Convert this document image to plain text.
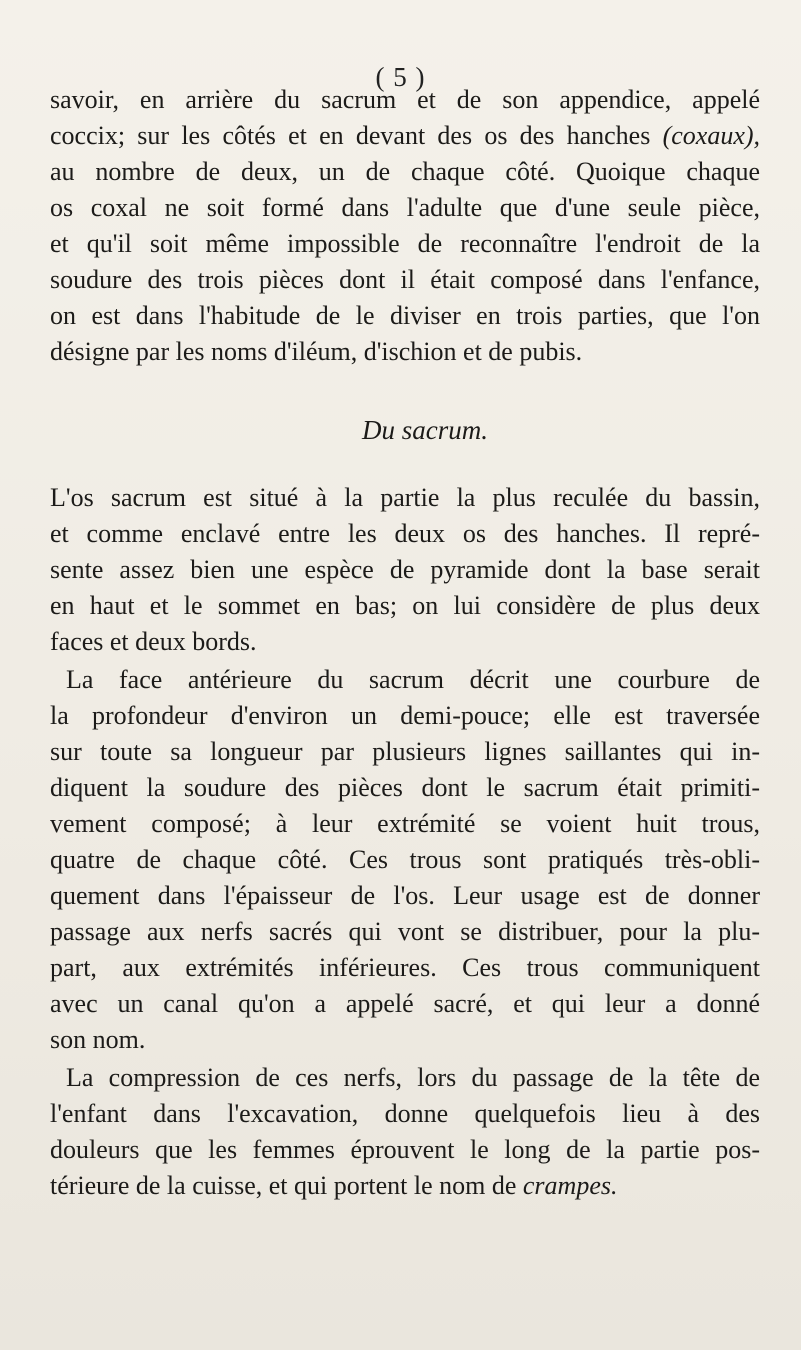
( 5 )
savoir, en arrière du sacrum et de son appendice, appelé
coccix; sur les côtés et en devant des os des hanches (coxaux),
au nombre de deux, un de chaque côté. Quoique chaque
os coxal ne soit formé dans l'adulte que d'une seule pièce,
et qu'il soit même impossible de reconnaître l'endroit de la
soudure des trois pièces dont il était composé dans l'enfance,
on est dans l'habitude de le diviser en trois parties, que l'on
désigne par les noms d'iléum, d'ischion et de pubis.
Du sacrum.
L'os sacrum est situé à la partie la plus reculée du bassin,
et comme enclavé entre les deux os des hanches. Il repré-
sente assez bien une espèce de pyramide dont la base serait
en haut et le sommet en bas; on lui considère de plus deux
faces et deux bords.
La face antérieure du sacrum décrit une courbure de
la profondeur d'environ un demi-pouce; elle est traversée
sur toute sa longueur par plusieurs lignes saillantes qui in-
diquent la soudure des pièces dont le sacrum était primiti-
vement composé; à leur extrémité se voient huit trous,
quatre de chaque côté. Ces trous sont pratiqués très-obli-
quement dans l'épaisseur de l'os. Leur usage est de donner
passage aux nerfs sacrés qui vont se distribuer, pour la plu-
part, aux extrémités inférieures. Ces trous communiquent
avec un canal qu'on a appelé sacré, et qui leur a donné
son nom.
La compression de ces nerfs, lors du passage de la tête de
l'enfant dans l'excavation, donne quelquefois lieu à des
douleurs que les femmes éprouvent le long de la partie pos-
térieure de la cuisse, et qui portent le nom de crampes.
